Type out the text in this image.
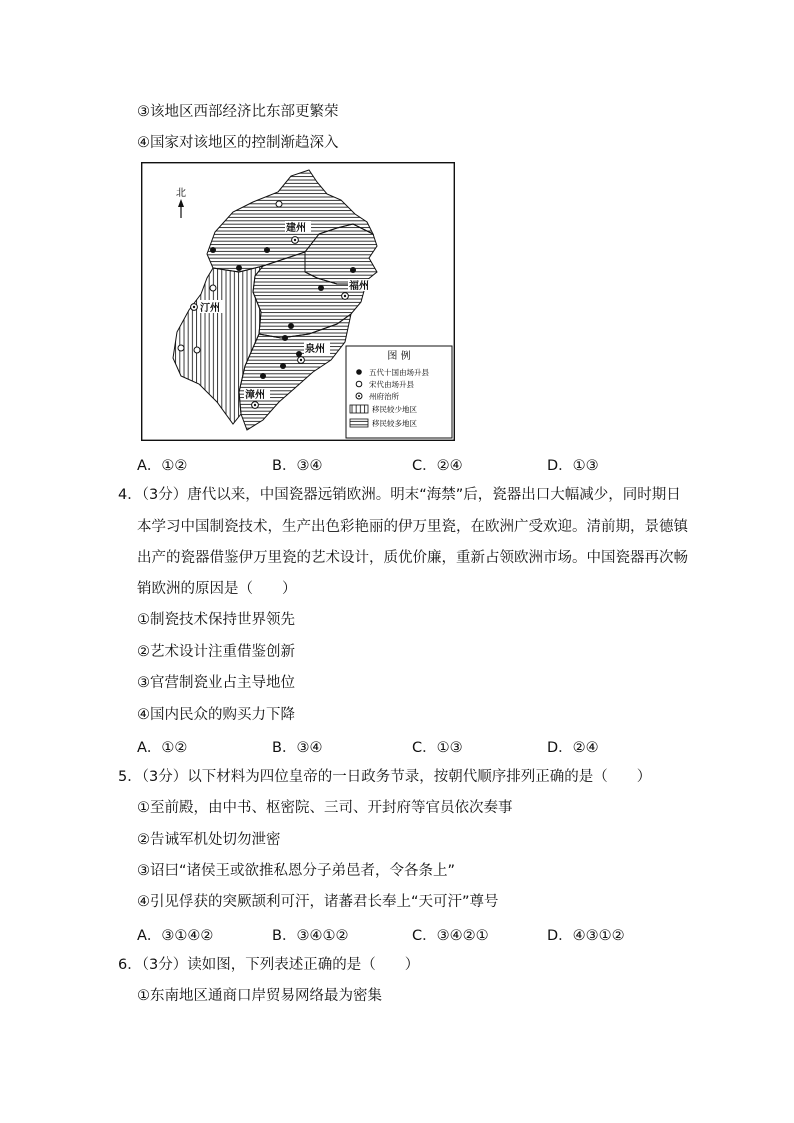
③该地区西部经济比东部更繁荣
④国家对该地区的控制渐趋深入
北
建州
汀州
福州
泉州
漳州
图 例
五代十国由场升县
宋代由场升县
州府治所
移民较少地区
移民较多地区
A．①②	B．③④	C．②④	D．①③
4．（3分）唐代以来，中国瓷器远销欧洲。明末“海禁”后，瓷器出口大幅减少，同时期日
本学习中国制瓷技术，生产出色彩艳丽的伊万里瓷，在欧洲广受欢迎。清前期，景德镇
出产的瓷器借鉴伊万里瓷的艺术设计，质优价廉，重新占领欧洲市场。中国瓷器再次畅
销欧洲的原因是（　　）
①制瓷技术保持世界领先
②艺术设计注重借鉴创新
③官营制瓷业占主导地位
④国内民众的购买力下降
A．①②	B．③④	C．①③	D．②④
5．（3分）以下材料为四位皇帝的一日政务节录，按朝代顺序排列正确的是（　　）
①至前殿，由中书、枢密院、三司、开封府等官员依次奏事
②告诫军机处切勿泄密
③诏曰“诸侯王或欲推私恩分子弟邑者，令各条上”
④引见俘获的突厥颉利可汗，诸蕃君长奉上“天可汗”尊号
A．③①④②	B．③④①②	C．③④②①	D．④③①②
6．（3分）读如图，下列表述正确的是（　　）
①东南地区通商口岸贸易网络最为密集
